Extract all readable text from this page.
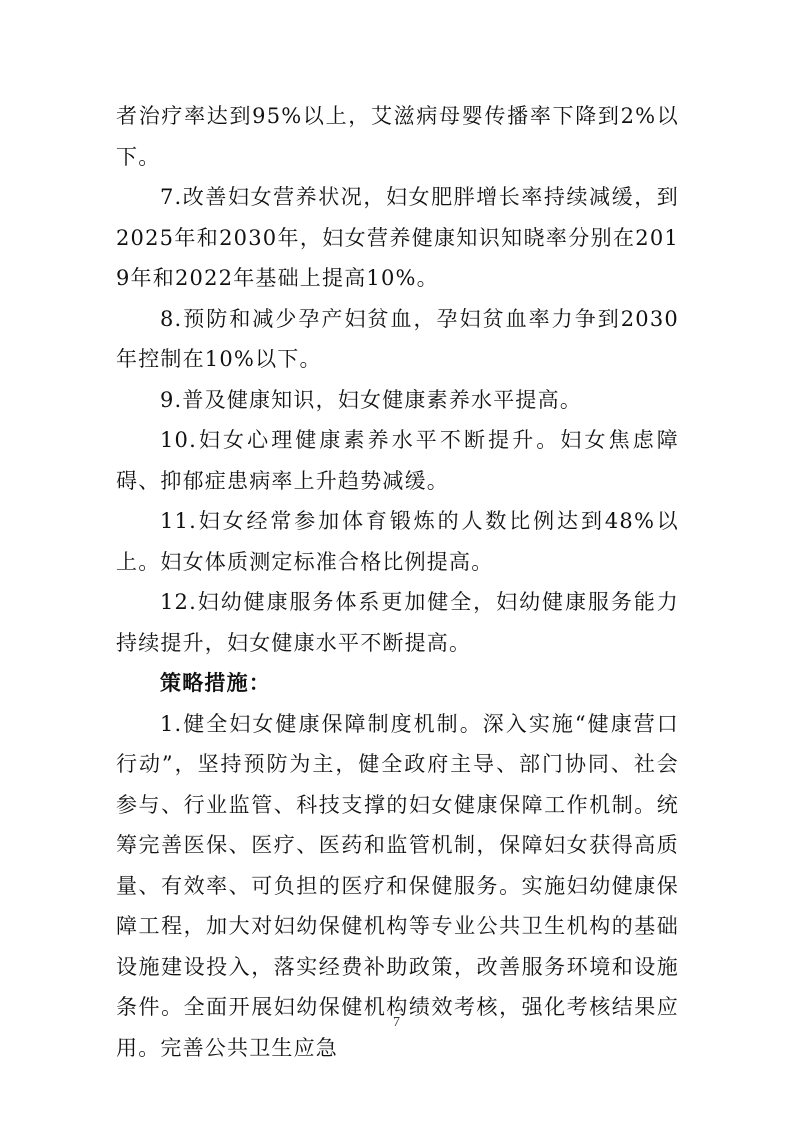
者治疗率达到95%以上，艾滋病母婴传播率下降到2%以下。

7.改善妇女营养状况，妇女肥胖增长率持续减缓，到2025年和2030年，妇女营养健康知识知晓率分别在2019年和2022年基础上提高10%。

8.预防和减少孕产妇贫血，孕妇贫血率力争到2030年控制在10%以下。

9.普及健康知识，妇女健康素养水平提高。

10.妇女心理健康素养水平不断提升。妇女焦虑障碍、抑郁症患病率上升趋势减缓。

11.妇女经常参加体育锻炼的人数比例达到48%以上。妇女体质测定标准合格比例提高。

12.妇幼健康服务体系更加健全，妇幼健康服务能力持续提升，妇女健康水平不断提高。

策略措施：

1.健全妇女健康保障制度机制。深入实施“健康营口行动”，坚持预防为主，健全政府主导、部门协同、社会参与、行业监管、科技支撑的妇女健康保障工作机制。统筹完善医保、医疗、医药和监管机制，保障妇女获得高质量、有效率、可负担的医疗和保健服务。实施妇幼健康保障工程，加大对妇幼保健机构等专业公共卫生机构的基础设施建设投入，落实经费补助政策，改善服务环境和设施条件。全面开展妇幼保健机构绩效考核，强化考核结果应用。完善公共卫生应急

7
